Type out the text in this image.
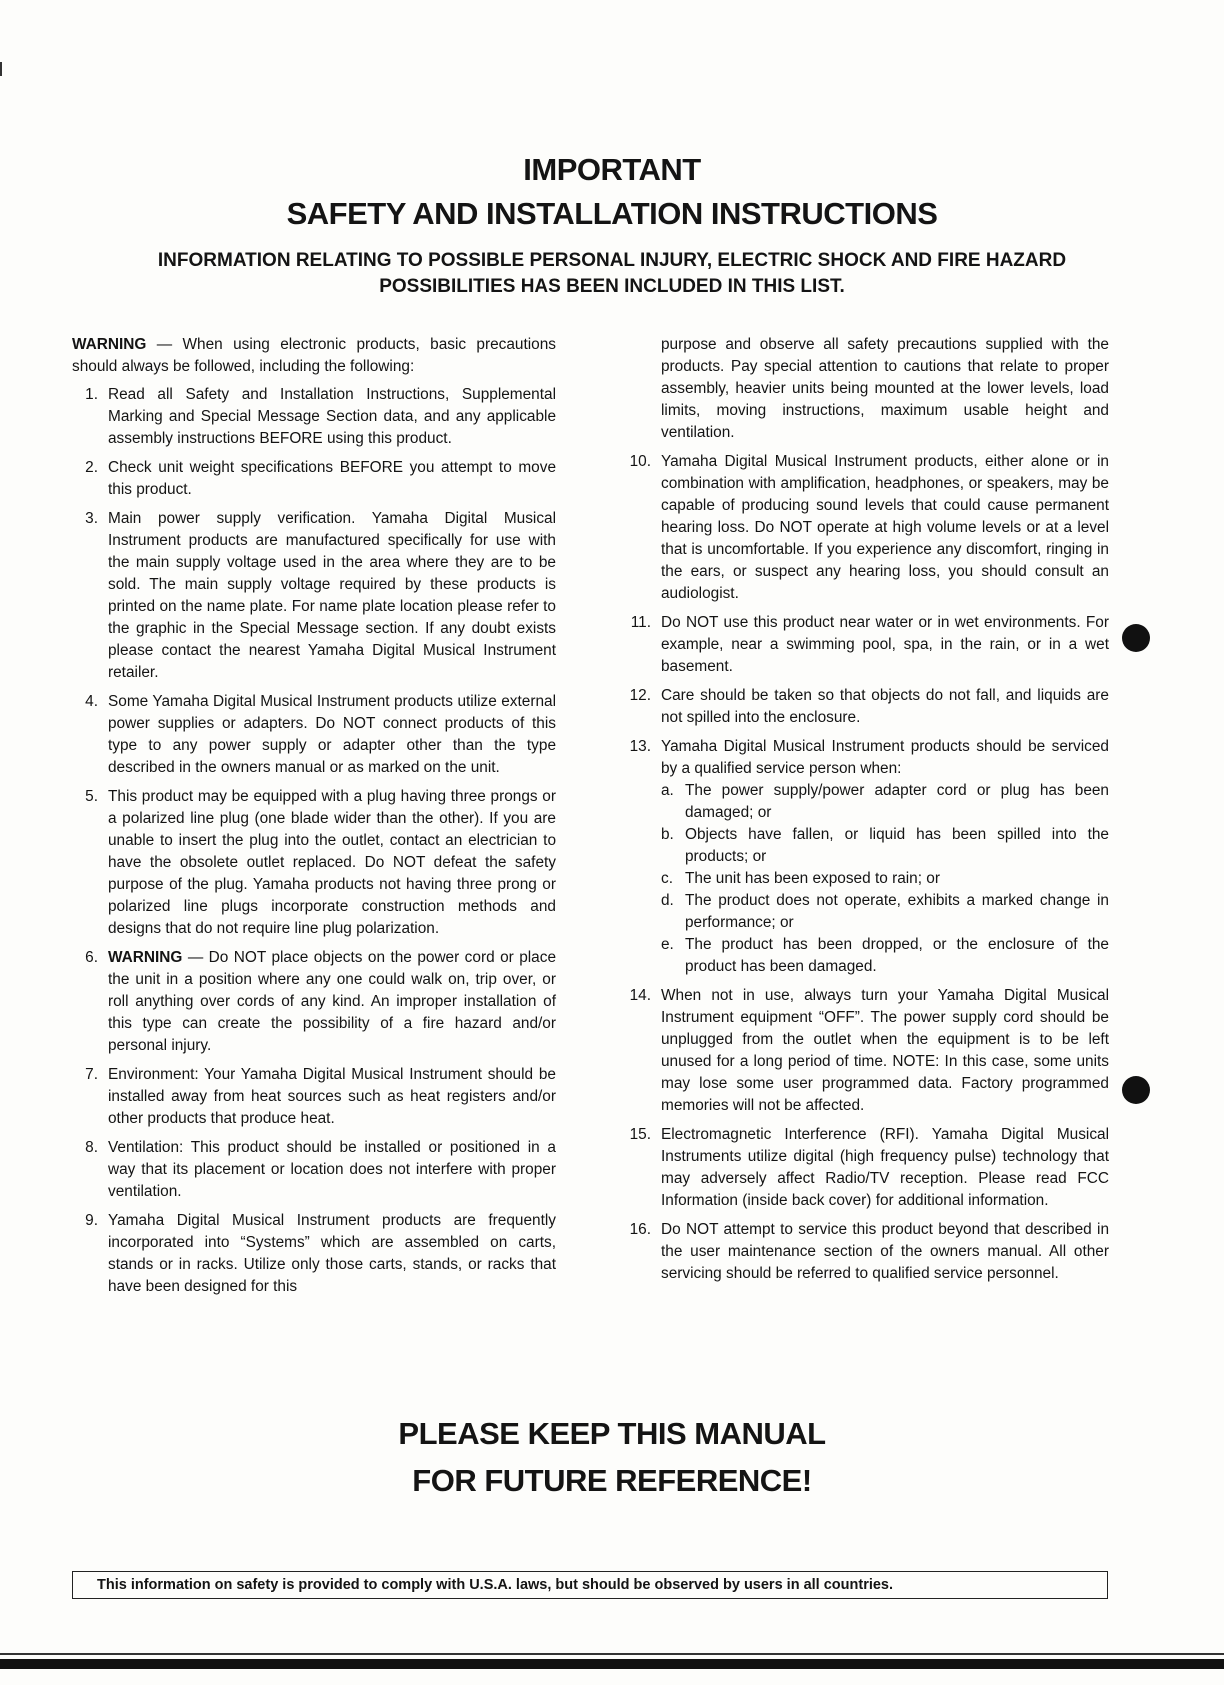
IMPORTANT
SAFETY AND INSTALLATION INSTRUCTIONS
INFORMATION RELATING TO POSSIBLE PERSONAL INJURY, ELECTRIC SHOCK AND FIRE HAZARD POSSIBILITIES HAS BEEN INCLUDED IN THIS LIST.

WARNING — When using electronic products, basic precautions should always be followed, including the following:

1. Read all Safety and Installation Instructions, Supplemental Marking and Special Message Section data, and any applicable assembly instructions BEFORE using this product.
2. Check unit weight specifications BEFORE you attempt to move this product.
3. Main power supply verification. Yamaha Digital Musical Instrument products are manufactured specifically for use with the main supply voltage used in the area where they are to be sold. The main supply voltage required by these products is printed on the name plate. For name plate location please refer to the graphic in the Special Message section. If any doubt exists please contact the nearest Yamaha Digital Musical Instrument retailer.
4. Some Yamaha Digital Musical Instrument products utilize external power supplies or adapters. Do NOT connect products of this type to any power supply or adapter other than the type described in the owners manual or as marked on the unit.
5. This product may be equipped with a plug having three prongs or a polarized line plug (one blade wider than the other). If you are unable to insert the plug into the outlet, contact an electrician to have the obsolete outlet replaced. Do NOT defeat the safety purpose of the plug. Yamaha products not having three prong or polarized line plugs incorporate construction methods and designs that do not require line plug polarization.
6. WARNING — Do NOT place objects on the power cord or place the unit in a position where any one could walk on, trip over, or roll anything over cords of any kind. An improper installation of this type can create the possibility of a fire hazard and/or personal injury.
7. Environment: Your Yamaha Digital Musical Instrument should be installed away from heat sources such as heat registers and/or other products that produce heat.
8. Ventilation: This product should be installed or positioned in a way that its placement or location does not interfere with proper ventilation.
9. Yamaha Digital Musical Instrument products are frequently incorporated into “Systems” which are assembled on carts, stands or in racks. Utilize only those carts, stands, or racks that have been designed for this

purpose and observe all safety precautions supplied with the products. Pay special attention to cautions that relate to proper assembly, heavier units being mounted at the lower levels, load limits, moving instructions, maximum usable height and ventilation.

10. Yamaha Digital Musical Instrument products, either alone or in combination with amplification, headphones, or speakers, may be capable of producing sound levels that could cause permanent hearing loss. Do NOT operate at high volume levels or at a level that is uncomfortable. If you experience any discomfort, ringing in the ears, or suspect any hearing loss, you should consult an audiologist.
11. Do NOT use this product near water or in wet environments. For example, near a swimming pool, spa, in the rain, or in a wet basement.
12. Care should be taken so that objects do not fall, and liquids are not spilled into the enclosure.
13. Yamaha Digital Musical Instrument products should be serviced by a qualified service person when:
a. The power supply/power adapter cord or plug has been damaged; or
b. Objects have fallen, or liquid has been spilled into the products; or
c. The unit has been exposed to rain; or
d. The product does not operate, exhibits a marked change in performance; or
e. The product has been dropped, or the enclosure of the product has been damaged.
14. When not in use, always turn your Yamaha Digital Musical Instrument equipment “OFF”. The power supply cord should be unplugged from the outlet when the equipment is to be left unused for a long period of time. NOTE: In this case, some units may lose some user programmed data. Factory programmed memories will not be affected.
15. Electromagnetic Interference (RFI). Yamaha Digital Musical Instruments utilize digital (high frequency pulse) technology that may adversely affect Radio/TV reception. Please read FCC Information (inside back cover) for additional information.
16. Do NOT attempt to service this product beyond that described in the user maintenance section of the owners manual. All other servicing should be referred to qualified service personnel.
PLEASE KEEP THIS MANUAL
FOR FUTURE REFERENCE!
This information on safety is provided to comply with U.S.A. laws, but should be observed by users in all countries.
